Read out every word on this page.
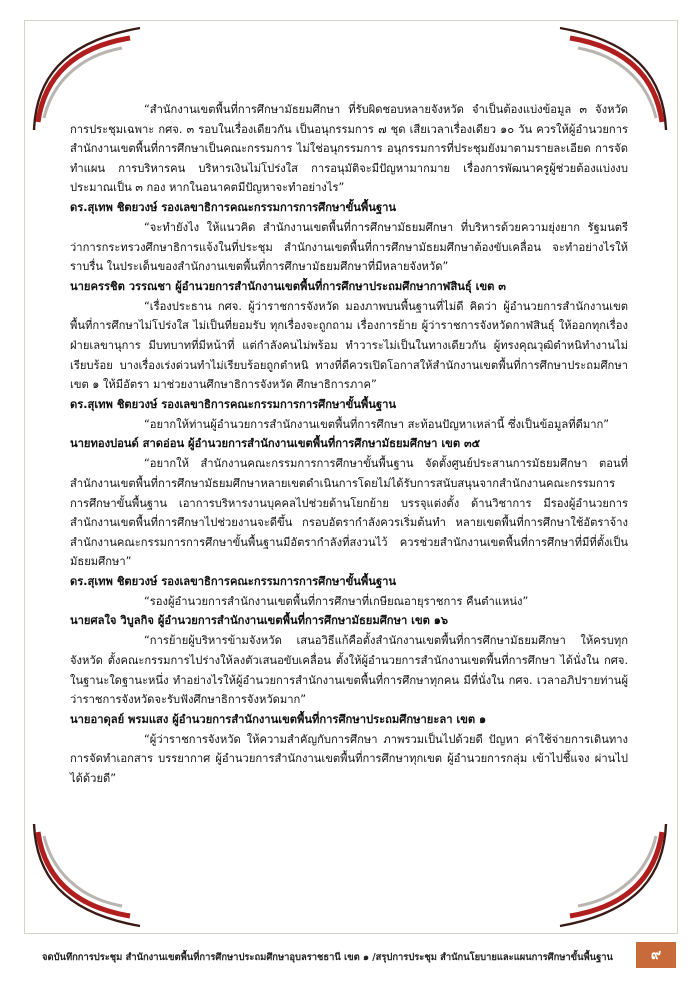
“สำนักงานเขตพื้นที่การศึกษามัธยมศึกษา ที่รับผิดชอบหลายจังหวัด จำเป็นต้องแบ่งข้อมูล ๓ จังหวัด การประชุมเฉพาะ กศจ. ๓ รอบในเรื่องเดียวกัน เป็นอนุกรรมการ ๗ ชุด เสียเวลาเรื่องเดียว ๑๐ วัน ควรให้ผู้อำนวยการสำนักงานเขตพื้นที่การศึกษาเป็นคณะกรรมการ ไม่ใช่อนุกรรมการ อนุกรรมการที่ประชุมยังมาตามรายละเอียด การจัดทำแผน การบริหารคน บริหารเงินไม่โปร่งใส การอนุมัติจะมีปัญหามากมาย เรื่องการพัฒนาครูผู้ช่วยต้องแบ่งงบประมาณเป็น ๓ กอง หากในอนาคตมีปัญหาจะทำอย่างไร”

ดร.สุเทพ ชิตยวงษ์ รองเลขาธิการคณะกรรมการการศึกษาขั้นพื้นฐาน

“จะทำยังไง ให้แนวคิด สำนักงานเขตพื้นที่การศึกษามัธยมศึกษา ที่บริหารด้วยความยุ่งยาก รัฐมนตรีว่าการกระทรวงศึกษาธิการแจ้งในที่ประชุม สำนักงานเขตพื้นที่การศึกษามัธยมศึกษาต้องขับเคลื่อน จะทำอย่างไรให้ราบรื่น ในประเด็นของสำนักงานเขตพื้นที่การศึกษามัธยมศึกษาที่มีหลายจังหวัด”

นายครรชิต วรรณชา ผู้อำนวยการสำนักงานเขตพื้นที่การศึกษาประถมศึกษากาฬสินธุ์ เขต ๓

“เรื่องประธาน กศจ. ผู้ว่าราชการจังหวัด มองภาพบนพื้นฐานที่ไม่ดี คิดว่า ผู้อำนวยการสำนักงานเขตพื้นที่การศึกษาไม่โปร่งใส ไม่เป็นที่ยอมรับ ทุกเรื่องจะถูกถาม เรื่องการย้าย ผู้ว่าราชการจังหวัดกาฬสินธุ์ ให้ออกทุกเรื่อง ฝ่ายเลขานุการ มีบทบาทที่มีหน้าที่ แต่กำลังคนไม่พร้อม ทำวาระไม่เป็นในทางเดียวกัน ผู้ทรงคุณวุฒิตำหนิทำงานไม่เรียบร้อย บางเรื่องเร่งด่วนทำไม่เรียบร้อยถูกตำหนิ ทางที่ดีควรเปิดโอกาสให้สำนักงานเขตพื้นที่การศึกษาประถมศึกษา เขต ๑ ให้มีอัตรา มาช่วยงานศึกษาธิการจังหวัด ศึกษาธิการภาค”

ดร.สุเทพ ชิตยวงษ์ รองเลขาธิการคณะกรรมการการศึกษาขั้นพื้นฐาน

“อยากให้ท่านผู้อำนวยการสำนักงานเขตพื้นที่การศึกษา สะท้อนปัญหาเหล่านี้ ซึ่งเป็นข้อมูลที่ดีมาก”

นายทองปอนด์ สาดอ่อน ผู้อำนวยการสำนักงานเขตพื้นที่การศึกษามัธยมศึกษา เขต ๓๕

“อยากให้ สำนักงานคณะกรรมการการศึกษาขั้นพื้นฐาน จัดตั้งศูนย์ประสานการมัธยมศึกษา ตอนที่สำนักงานเขตพื้นที่การศึกษามัธยมศึกษาหลายเขตดำเนินการโดยไม่ได้รับการสนับสนุนจากสำนักงานคณะกรรมการการศึกษาขั้นพื้นฐาน เอาการบริหารงานบุคคลไปช่วยด้านโยกย้าย บรรจุแต่งตั้ง ด้านวิชาการ มีรองผู้อำนวยการสำนักงานเขตพื้นที่การศึกษาไปช่วยงานจะดีขึ้น กรอบอัตรากำลังควรเริ่มต้นทำ หลายเขตพื้นที่การศึกษาใช้อัตราจ้างสำนักงานคณะกรรมการการศึกษาขั้นพื้นฐานมีอัตรากำลังที่สงวนไว้ ควรช่วยสำนักงานเขตพื้นที่การศึกษาที่มีที่ตั้งเป็นมัธยมศึกษา”

ดร.สุเทพ ชิตยวงษ์ รองเลขาธิการคณะกรรมการการศึกษาขั้นพื้นฐาน

“รองผู้อำนวยการสำนักงานเขตพื้นที่การศึกษาที่เกษียณอายุราชการ คืนตำแหน่ง”

นายศลใจ วิบูลกิจ ผู้อำนวยการสำนักงานเขตพื้นที่การศึกษามัธยมศึกษา เขต ๑๖

“การย้ายผู้บริหารข้ามจังหวัด เสนอวิธีแก้คือตั้งสำนักงานเขตพื้นที่การศึกษามัธยมศึกษา ให้ครบทุกจังหวัด ตั้งคณะกรรมการไปร่างให้ลงตัวเสนอขับเคลื่อน ตั้งให้ผู้อำนวยการสำนักงานเขตพื้นที่การศึกษา ได้นั่งใน กศจ. ในฐานะใดฐานะหนึ่ง ทำอย่างไรให้ผู้อำนวยการสำนักงานเขตพื้นที่การศึกษาทุกคน มีที่นั่งใน กศจ. เวลาอภิปรายท่านผู้ว่าราชการจังหวัดจะรับฟังศึกษาธิการจังหวัดมาก”

นายอาดุลย์ พรมแสง ผู้อำนวยการสำนักงานเขตพื้นที่การศึกษาประถมศึกษายะลา เขต ๑

“ผู้ว่าราชการจังหวัด ให้ความสำคัญกับการศึกษา ภาพรวมเป็นไปด้วยดี ปัญหา ค่าใช้จ่ายการเดินทาง การจัดทำเอกสาร บรรยากาศ ผู้อำนวยการสำนักงานเขตพื้นที่การศึกษาทุกเขต ผู้อำนวยการกลุ่ม เข้าไปชี้แจง ผ่านไปได้ด้วยดี”

จดบันทึกการประชุม สำนักงานเขตพื้นที่การศึกษาประถมศึกษาอุบลราชธานี เขต ๑ /สรุปการประชุม สำนักนโยบายและแผนการศึกษาขั้นพื้นฐาน	๙
